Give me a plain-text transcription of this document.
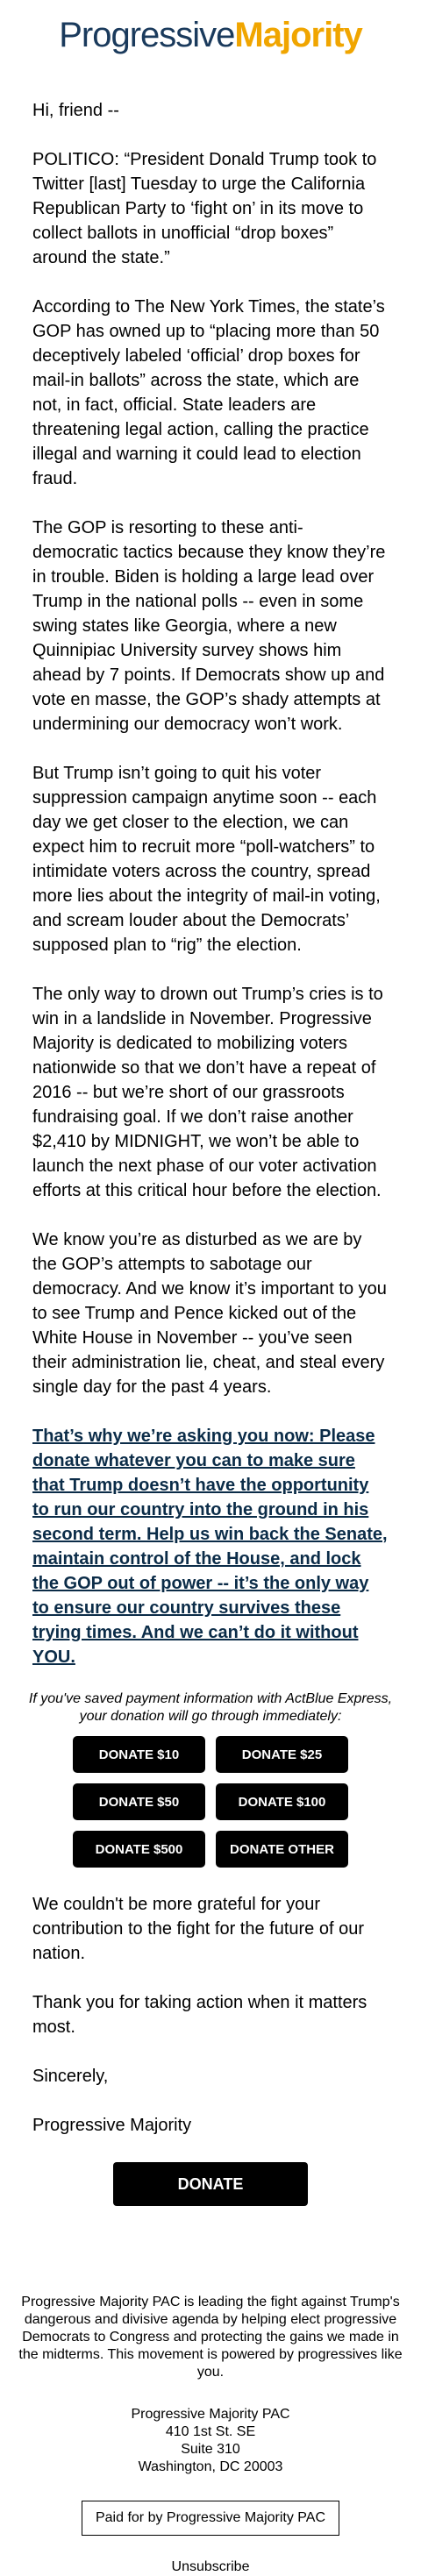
Progressive Majority

Hi, friend --

POLITICO: “President Donald Trump took to Twitter [last] Tuesday to urge the California Republican Party to ‘fight on’ in its move to collect ballots in unofficial “drop boxes” around the state.”

According to The New York Times, the state’s GOP has owned up to “placing more than 50 deceptively labeled ‘official’ drop boxes for mail-in ballots” across the state, which are not, in fact, official. State leaders are threatening legal action, calling the practice illegal and warning it could lead to election fraud.

The GOP is resorting to these anti-democratic tactics because they know they’re in trouble. Biden is holding a large lead over Trump in the national polls -- even in some swing states like Georgia, where a new Quinnipiac University survey shows him ahead by 7 points. If Democrats show up and vote en masse, the GOP’s shady attempts at undermining our democracy won’t work.

But Trump isn’t going to quit his voter suppression campaign anytime soon -- each day we get closer to the election, we can expect him to recruit more “poll-watchers” to intimidate voters across the country, spread more lies about the integrity of mail-in voting, and scream louder about the Democrats’ supposed plan to “rig” the election.

The only way to drown out Trump’s cries is to win in a landslide in November. Progressive Majority is dedicated to mobilizing voters nationwide so that we don’t have a repeat of 2016 -- but we’re short of our grassroots fundraising goal. If we don’t raise another $2,410 by MIDNIGHT, we won’t be able to launch the next phase of our voter activation efforts at this critical hour before the election.

We know you’re as disturbed as we are by the GOP’s attempts to sabotage our democracy. And we know it’s important to you to see Trump and Pence kicked out of the White House in November -- you’ve seen their administration lie, cheat, and steal every single day for the past 4 years.

That’s why we’re asking you now: Please donate whatever you can to make sure that Trump doesn’t have the opportunity to run our country into the ground in his second term. Help us win back the Senate, maintain control of the House, and lock the GOP out of power -- it’s the only way to ensure our country survives these trying times. And we can’t do it without YOU.

If you've saved payment information with ActBlue Express, your donation will go through immediately:
DONATE $10	DONATE $25
DONATE $50	DONATE $100
DONATE $500	DONATE OTHER

We couldn't be more grateful for your contribution to the fight for the future of our nation.

Thank you for taking action when it matters most.

Sincerely,

Progressive Majority

DONATE

Progressive Majority PAC is leading the fight against Trump's dangerous and divisive agenda by helping elect progressive Democrats to Congress and protecting the gains we made in the midterms. This movement is powered by progressives like you.

Progressive Majority PAC

410 1st St. SE

Suite 310

Washington, DC 20003

Paid for by Progressive Majority PAC

Unsubscribe
